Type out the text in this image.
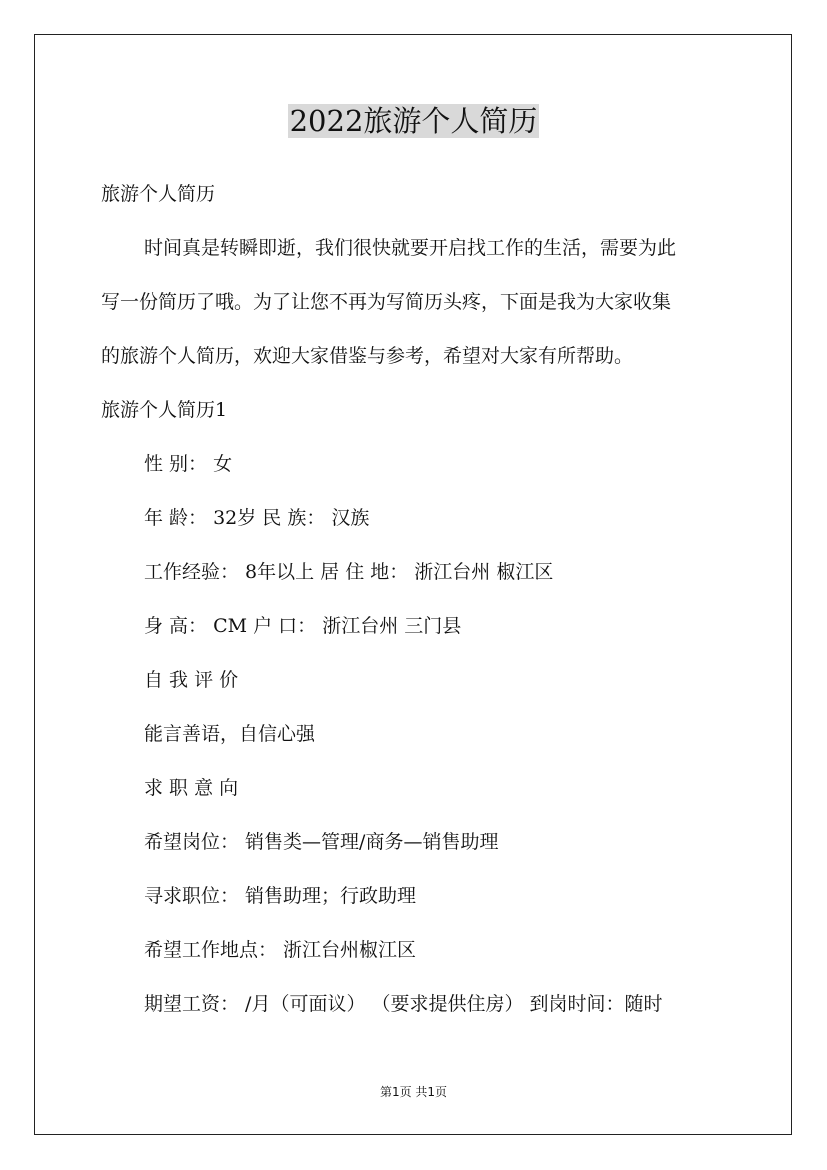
2022旅游个人简历
旅游个人简历
时间真是转瞬即逝，我们很快就要开启找工作的生活，需要为此
写一份简历了哦。为了让您不再为写简历头疼，下面是我为大家收集
的旅游个人简历，欢迎大家借鉴与参考，希望对大家有所帮助。
旅游个人简历1
性 别： 女
年 龄： 32岁 民 族： 汉族
工作经验： 8年以上 居 住 地： 浙江台州 椒江区
身 高： CM 户 口： 浙江台州 三门县
自 我 评 价
能言善语，自信心强
求 职 意 向
希望岗位： 销售类—管理/商务—销售助理
寻求职位： 销售助理；行政助理
希望工作地点： 浙江台州椒江区
期望工资： /月（可面议） （要求提供住房） 到岗时间：随时
第1页 共1页
